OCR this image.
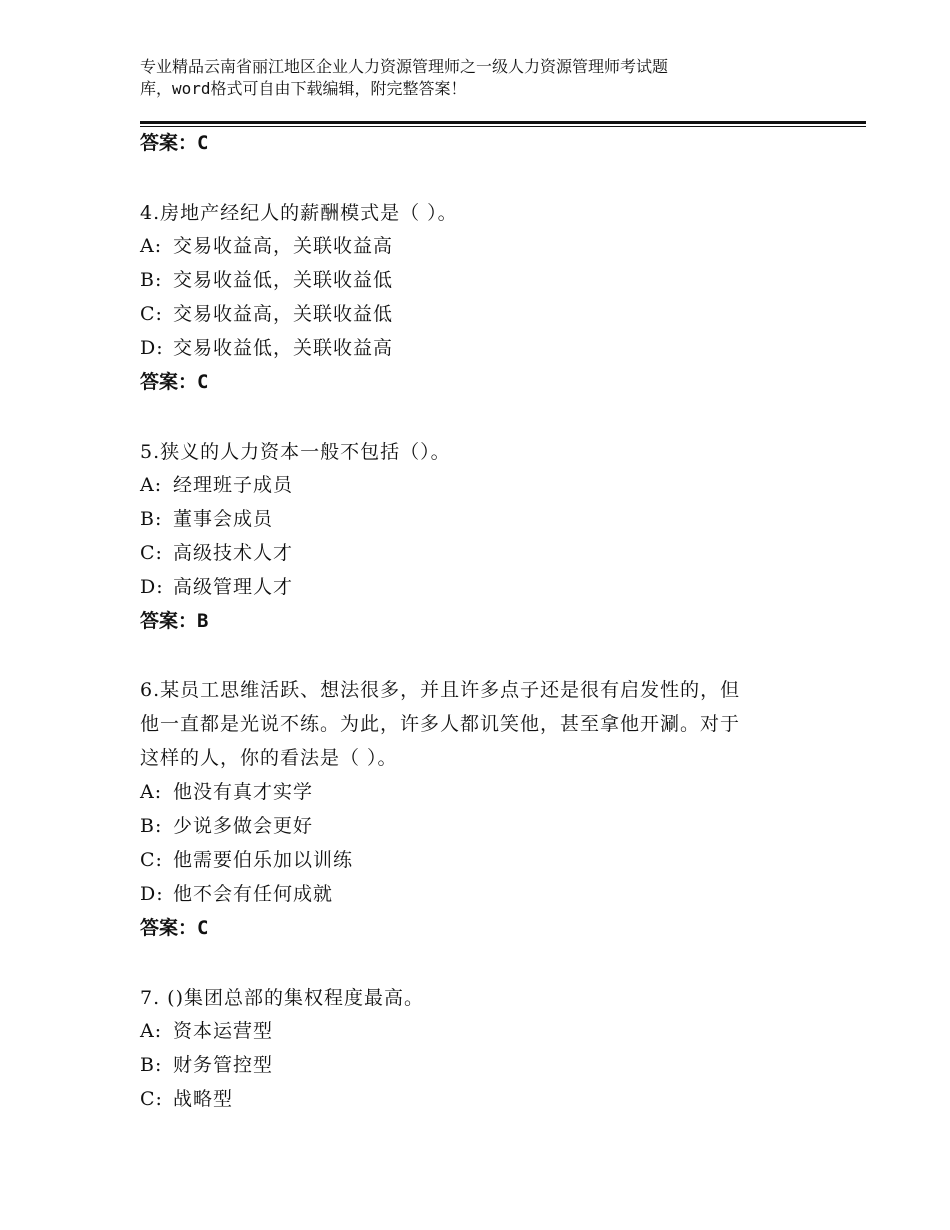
专业精品云南省丽江地区企业人力资源管理师之一级人力资源管理师考试题
库，word格式可自由下载编辑，附完整答案！
答案：C
4.房地产经纪人的薪酬模式是（ ）。
A: 交易收益高，关联收益高
B: 交易收益低，关联收益低
C: 交易收益高，关联收益低
D: 交易收益低，关联收益高
答案：C
5.狭义的人力资本一般不包括（）。
A: 经理班子成员
B: 董事会成员
C: 高级技术人才
D: 高级管理人才
答案：B
6.某员工思维活跃、想法很多，并且许多点子还是很有启发性的，但
他一直都是光说不练。为此，许多人都讥笑他，甚至拿他开涮。对于
这样的人，你的看法是（ ）。
A: 他没有真才实学
B: 少说多做会更好
C: 他需要伯乐加以训练
D: 他不会有任何成就
答案：C
7. ()集团总部的集权程度最高。
A: 资本运营型
B: 财务管控型
C: 战略型
